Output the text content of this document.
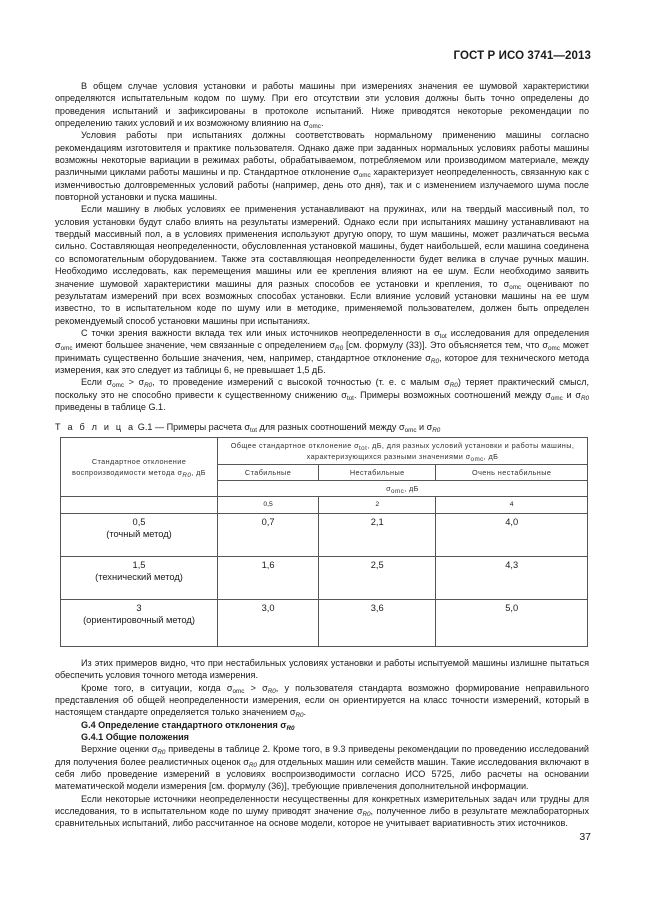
ГОСТ Р ИСО 3741—2013

В общем случае условия установки и работы машины при измерениях значения ее шумовой характеристики определяются испытательным кодом по шуму. При его отсутствии эти условия должны быть точно определены до проведения испытаний и зафиксированы в протоколе испытаний. Ниже приводятся некоторые рекомендации по определению таких условий и их возможному влиянию на $\sigma_{omc}$.

Условия работы при испытаниях должны соответствовать нормальному применению машины согласно рекомендациям изготовителя и практике пользователя. Однако даже при заданных нормальных условиях работы машины возможны некоторые вариации в режимах работы, обрабатываемом, потребляемом или производимом материале, между различными циклами работы машины и пр. Стандартное отклонение $\sigma_{omc}$ характеризует неопределенность, связанную как с изменчивостью долговременных условий работы (например, день ото дня), так и с изменением излучаемого шума после повторной установки и пуска машины.

Если машину в любых условиях ее применения устанавливают на пружинах, или на твердый массивный пол, то условия установки будут слабо влиять на результаты измерений. Однако если при испытаниях машину устанавливают на твердый массивный пол, а в условиях применения используют другую опору, то шум машины, может различаться весьма сильно. Составляющая неопределенности, обусловленная установкой машины, будет наибольшей, если машина соединена со вспомогательным оборудованием. Также эта составляющая неопределенности будет велика в случае ручных машин. Необходимо исследовать, как перемещения машины или ее крепления влияют на ее шум. Если необходимо заявить значение шумовой характеристики машины для разных способов ее установки и крепления, то $\sigma_{omc}$ оценивают по результатам измерений при всех возможных способах установки. Если влияние условий установки машины на ее шум известно, то в испытательном коде по шуму или в методике, применяемой пользователем, должен быть определен рекомендуемый способ установки машины при испытаниях.

С точки зрения важности вклада тех или иных источников неопределенности в $\sigma_{tot}$ исследования для определения $\sigma_{omc}$ имеют большее значение, чем связанные с определением $\sigma_{R0}$ [см. формулу (33)]. Это объясняется тем, что $\sigma_{omc}$ может принимать существенно большие значения, чем, например, стандартное отклонение $\sigma_{R0}$, которое для технического метода измерения, как это следует из таблицы 6, не превышает 1,5 дБ.

Если $\sigma_{omc} > \sigma_{R0}$, то проведение измерений с высокой точностью (т. е. с малым $\sigma_{R0}$) теряет практический смысл, поскольку это не способно привести к существенному снижению $\sigma_{tot}$. Примеры возможных соотношений между $\sigma_{omc}$ и $\sigma_{R0}$ приведены в таблице G.1.

Т а б л и ц а G.1 — Примеры расчета $\sigma_{tot}$ для разных соотношений между $\sigma_{omc}$ и $\sigma_{R0}$
Стандартное отклонение воспроизводимости метода $\sigma_{R0}$, дБ	Общее стандартное отклонение $\sigma_{tot}$, дБ, для разных условий установки и работы машины, характеризующихся разными значениями $\sigma_{omc}$, дБ		
	Стабильные	Нестабильные	Очень нестабильные
	$\sigma_{omc}$, дБ		
	0,5	2	4
0,5
(точный метод)	0,7	2,1	4,0
1,5
(технический метод)	1,6	2,5	4,3
3
(ориентировочный метод)	3,0	3,6	5,0

Из этих примеров видно, что при нестабильных условиях установки и работы испытуемой машины излишне пытаться обеспечить условия точного метода измерения.

Кроме того, в ситуации, когда $\sigma_{omc} > \sigma_{R0}$, у пользователя стандарта возможно формирование неправильного представления об общей неопределенности измерения, если он ориентируется на класс точности измерений, который в настоящем стандарте определяется только значением $\sigma_{R0}$.

G.4 Определение стандартного отклонения $\sigma_{R0}$

G.4.1 Общие положения

Верхние оценки $\sigma_{R0}$ приведены в таблице 2. Кроме того, в 9.3 приведены рекомендации по проведению исследований для получения более реалистичных оценок $\sigma_{R0}$ для отдельных машин или семейств машин. Такие исследования включают в себя либо проведение измерений в условиях воспроизводимости согласно ИСО 5725, либо расчеты на основании математической модели измерения [см. формулу (36)], требующие привлечения дополнительной информации.

Если некоторые источники неопределенности несущественны для конкретных измерительных задач или трудны для исследования, то в испытательном коде по шуму приводят значение $\sigma_{R0}$, полученное либо в результате межлабораторных сравнительных испытаний, либо рассчитанное на основе модели, которое не учитывает вариативность этих источников.

37
